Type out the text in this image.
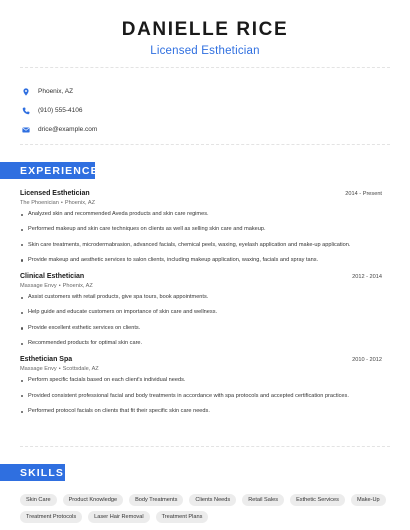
DANIELLE RICE
Licensed Esthetician
Phoenix, AZ
(910) 555-4106
drice@example.com
EXPERIENCE
Licensed Esthetician	2014 - Present
The Phoenician • Phoenix, AZ
Analyzed skin and recommended Aveda products and skin care regimes.
Performed makeup and skin care techniques on clients as well as selling skin care and makeup.
Skin care treatments, microdermabrasion, advanced facials, chemical peels, waxing, eyelash application and make-up application.
Provide makeup and aesthetic services to salon clients, including makeup application, waxing, facials and spray tans.
Clinical Esthetician	2012 - 2014
Massage Envy • Phoenix, AZ
Assist customers with retail products, give spa tours, book appointments.
Help guide and educate customers on importance of skin care and wellness.
Provide excellent esthetic services on clients.
Recommended products for optimal skin care.
Esthetician Spa	2010 - 2012
Massage Envy • Scottsdale, AZ
Perform specific facials based on each client's individual needs.
Provided consistent professional facial and body treatments in accordance with spa protocols and accepted certification practices.
Performed protocol facials on clients that fit their specific skin care needs.
SKILLS
Skin Care	Product Knowledge	Body Treatments	Clients Needs	Retail Sales	Esthetic Services	Make-Up
Treatment Protocols	Laser Hair Removal	Treatment Plans
